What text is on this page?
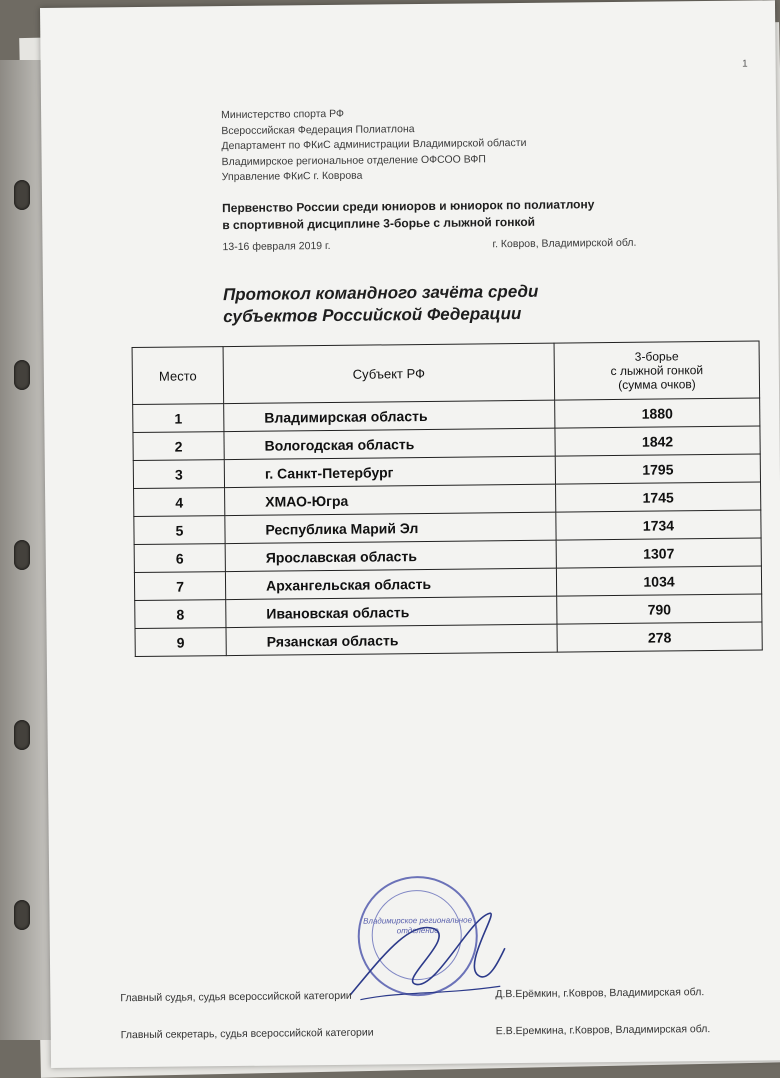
1
Министерство спорта РФ
Всероссийская Федерация Полиатлона
Департамент по ФКиС администрации Владимирской области
Владимирское региональное отделение ОФСОО ВФП
Управление ФКиС г. Коврова
Первенство России среди юниоров и юниорок по полиатлону
в спортивной дисциплине 3-борье с лыжной гонкой
13-16 февраля 2019 г.	г. Ковров, Владимирской обл.
Протокол командного зачёта среди
субъектов Российской Федерации
Место	Субъект РФ	3-борье
с лыжной гонкой
(сумма очков)

1	Владимирская область	1880
2	Вологодская область	1842
3	г. Санкт-Петербург	1795
4	ХМАО-Югра	1745
5	Республика Марий Эл	1734
6	Ярославская область	1307
7	Архангельская область	1034
8	Ивановская область	790
9	Рязанская область	278
Владимирское региональное отделение
Главный судья, судья всероссийской категории	Д.В.Ерёмкин, г.Ковров, Владимирская обл.
Главный секретарь, судья всероссийской категории	Е.В.Еремкина, г.Ковров, Владимирская обл.
